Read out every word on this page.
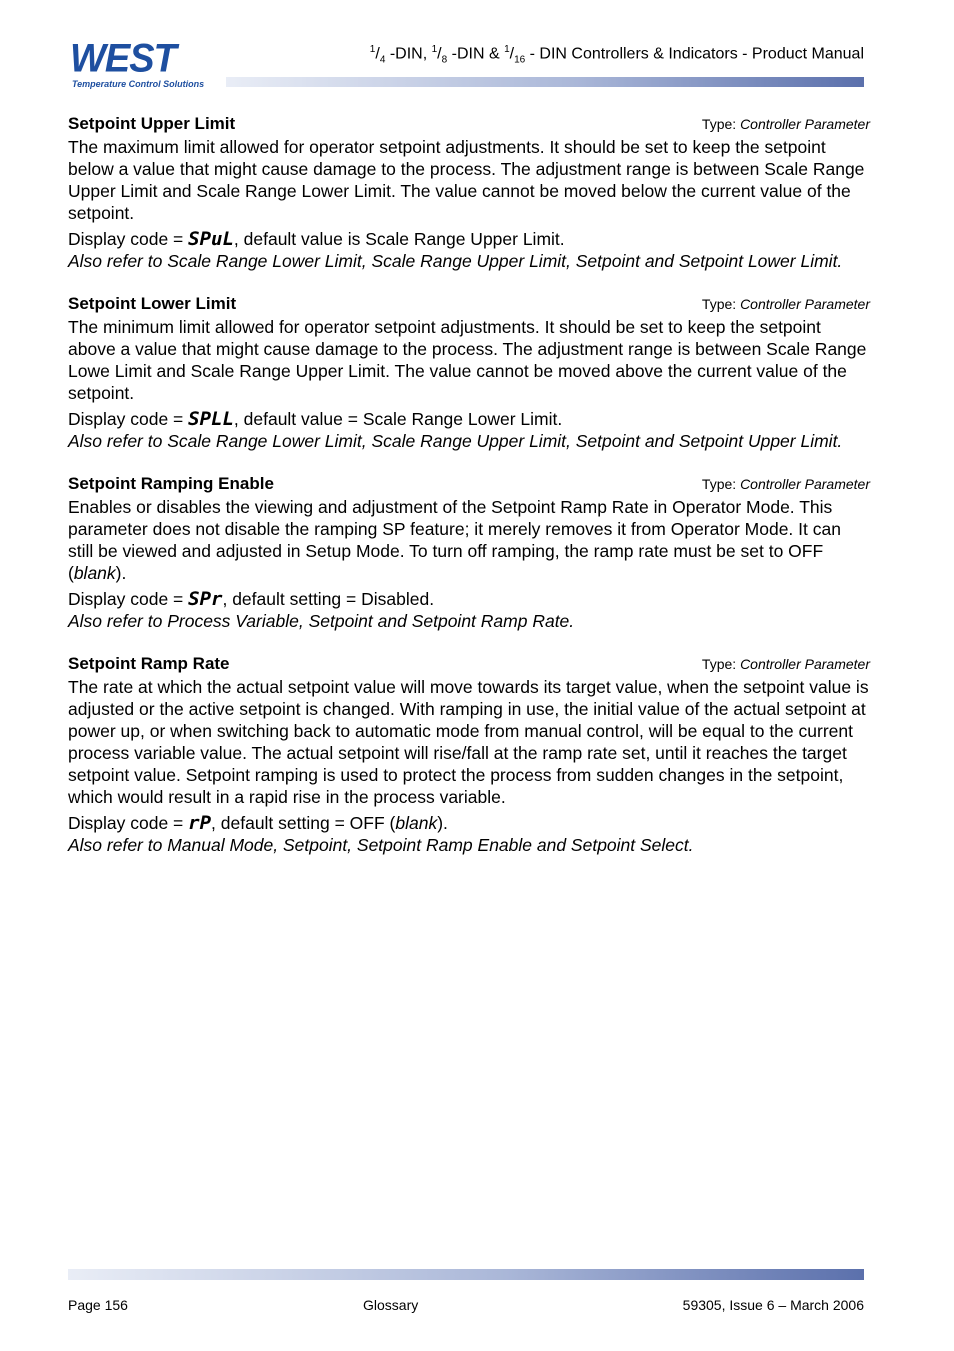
WEST
Temperature Control Solutions
$^1/_4$ -DIN, $^1/_8$ -DIN & $^1/_{16}$ - DIN Controllers & Indicators - Product Manual
Setpoint Upper Limit	Type: Controller Parameter

The maximum limit allowed for operator setpoint adjustments. It should be set to keep the setpoint below a value that might cause damage to the process. The adjustment range is between Scale Range Upper Limit and Scale Range Lower Limit. The value cannot be moved below the current value of the setpoint.

Display code = SPuL, default value is Scale Range Upper Limit.

Also refer to Scale Range Lower Limit, Scale Range Upper Limit, Setpoint and Setpoint Lower Limit.

Setpoint Lower Limit	Type: Controller Parameter

The minimum limit allowed for operator setpoint adjustments. It should be set to keep the setpoint above a value that might cause damage to the process. The adjustment range is between Scale Range Lowe Limit and Scale Range Upper Limit. The value cannot be moved above the current value of the setpoint.

Display code = SPLL, default value = Scale Range Lower Limit.

Also refer to Scale Range Lower Limit, Scale Range Upper Limit, Setpoint and Setpoint Upper Limit.

Setpoint Ramping Enable	Type: Controller Parameter

Enables or disables the viewing and adjustment of the Setpoint Ramp Rate in Operator Mode. This parameter does not disable the ramping SP feature; it merely removes it from Operator Mode. It can still be viewed and adjusted in Setup Mode. To turn off ramping, the ramp rate must be set to OFF (blank).

Display code = SPr, default setting = Disabled.

Also refer to Process Variable, Setpoint and Setpoint Ramp Rate.

Setpoint Ramp Rate	Type: Controller Parameter

The rate at which the actual setpoint value will move towards its target value, when the setpoint value is adjusted or the active setpoint is changed. With ramping in use, the initial value of the actual setpoint at power up, or when switching back to automatic mode from manual control, will be equal to the current process variable value. The actual setpoint will rise/fall at the ramp rate set, until it reaches the target setpoint value. Setpoint ramping is used to protect the process from sudden changes in the setpoint, which would result in a rapid rise in the process variable.

Display code = rP, default setting = OFF (blank).

Also refer to Manual Mode, Setpoint, Setpoint Ramp Enable and Setpoint Select.

Page 156	Glossary	59305, Issue 6 – March 2006
